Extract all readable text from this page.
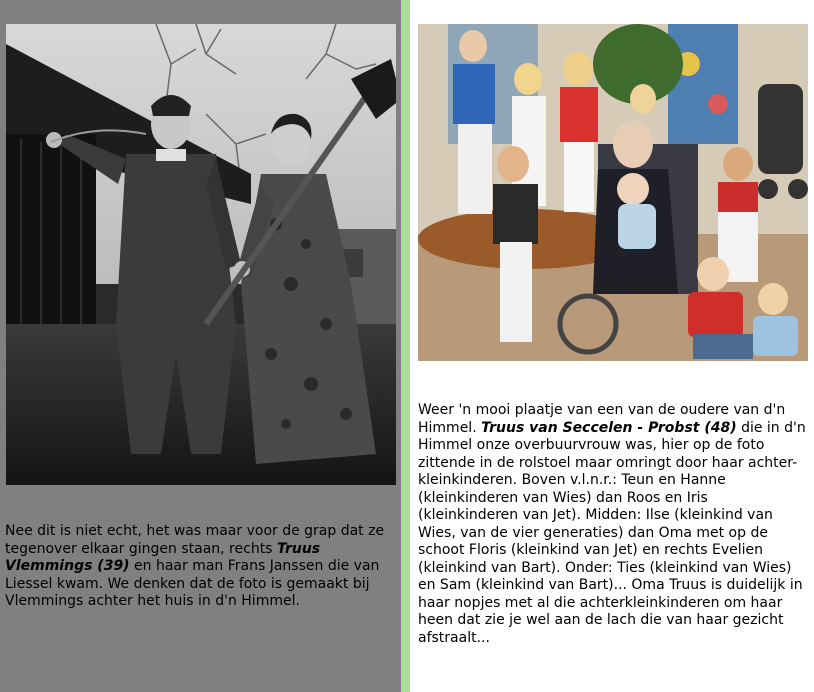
Nee dit is niet echt, het was maar voor de grap dat ze tegenover elkaar gingen staan, rechts Truus Vlemmings (39) en haar man Frans Janssen die van Liessel kwam. We denken dat de foto is gemaakt bij Vlemmings achter het huis in d'n Himmel.
Weer 'n mooi plaatje van een van de oudere van d'n Himmel. Truus van Seccelen - Probst (48) die in d'n Himmel onze overbuurvrouw was, hier op de foto zittende in de rolstoel maar omringt door haar achter-kleinkinderen. Boven v.l.n.r.: Teun en Hanne (kleinkinderen van Wies) dan Roos en Iris (kleinkinderen van Jet). Midden: Ilse (kleinkind van Wies, van de vier generaties) dan Oma met op de schoot Floris (kleinkind van Jet) en rechts Evelien (kleinkind van Bart). Onder: Ties (kleinkind van Wies) en Sam (kleinkind van Bart)... Oma Truus is duidelijk in haar nopjes met al die achterkleinkinderen om haar heen dat zie je wel aan de lach die van haar gezicht afstraalt...
